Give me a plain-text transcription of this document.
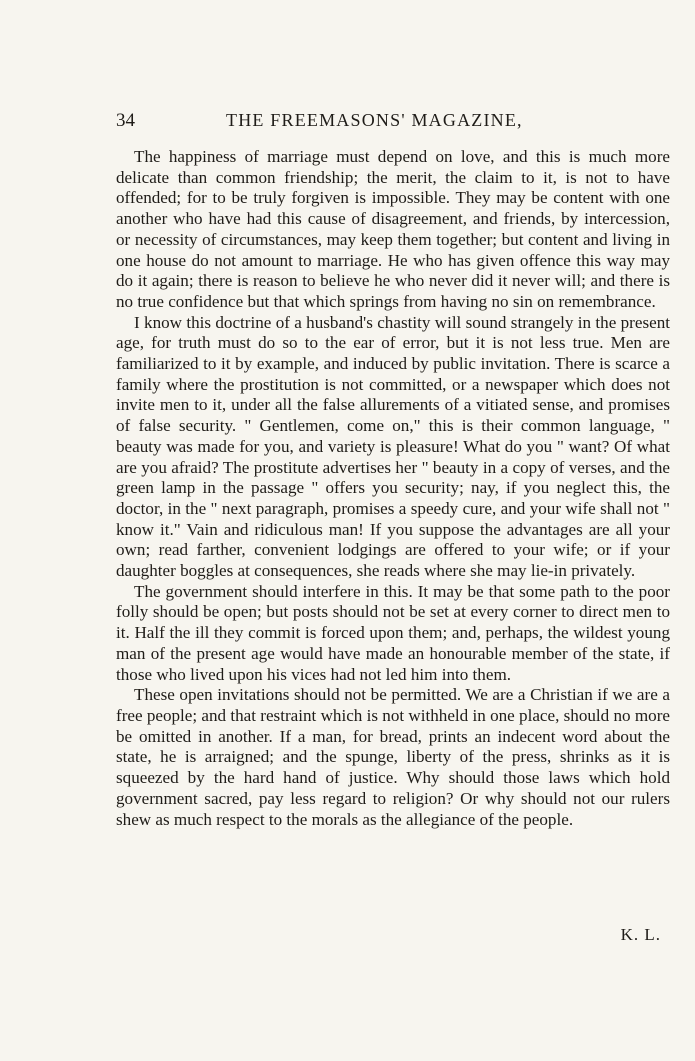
34	THE FREEMASONS' MAGAZINE,

The happiness of marriage must depend on love, and this is much more delicate than common friendship; the merit, the claim to it, is not to have offended; for to be truly forgiven is impossible. They may be content with one another who have had this cause of disagreement, and friends, by intercession, or necessity of circumstances, may keep them together; but content and living in one house do not amount to marriage. He who has given offence this way may do it again; there is reason to believe he who never did it never will; and there is no true confidence but that which springs from having no sin on remembrance.

I know this doctrine of a husband's chastity will sound strangely in the present age, for truth must do so to the ear of error, but it is not less true. Men are familiarized to it by example, and induced by public invitation. There is scarce a family where the prostitution is not committed, or a newspaper which does not invite men to it, under all the false allurements of a vitiated sense, and promises of false security. " Gentlemen, come on," this is their common language, " beauty was made for you, and variety is pleasure! What do you " want? Of what are you afraid? The prostitute advertises her " beauty in a copy of verses, and the green lamp in the passage " offers you security; nay, if you neglect this, the doctor, in the " next paragraph, promises a speedy cure, and your wife shall not " know it." Vain and ridiculous man! If you suppose the advantages are all your own; read farther, convenient lodgings are offered to your wife; or if your daughter boggles at consequences, she reads where she may lie-in privately.

The government should interfere in this. It may be that some path to the poor folly should be open; but posts should not be set at every corner to direct men to it. Half the ill they commit is forced upon them; and, perhaps, the wildest young man of the present age would have made an honourable member of the state, if those who lived upon his vices had not led him into them.

These open invitations should not be permitted. We are a Christian if we are a free people; and that restraint which is not withheld in one place, should no more be omitted in another. If a man, for bread, prints an indecent word about the state, he is arraigned; and the spunge, liberty of the press, shrinks as it is squeezed by the hard hand of justice. Why should those laws which hold government sacred, pay less regard to religion? Or why should not our rulers shew as much respect to the morals as the allegiance of the people.

K. L.
